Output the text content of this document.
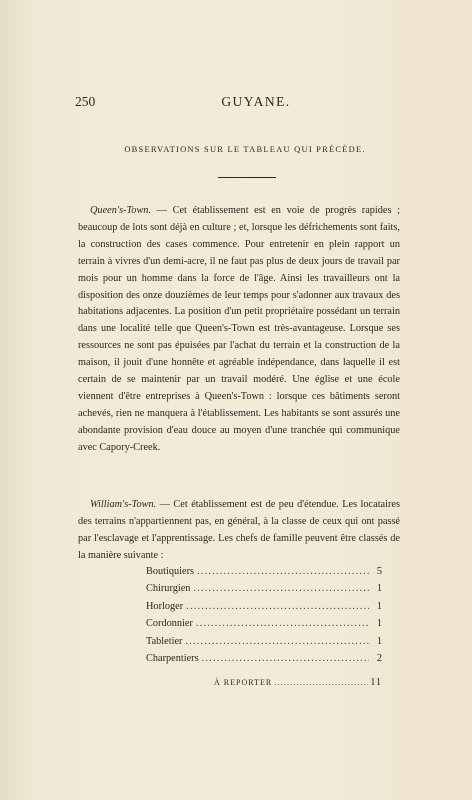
250	GUYANE.
OBSERVATIONS SUR LE TABLEAU QUI PRÉCÈDE.

Queen's-Town. — Cet établissement est en voie de progrès rapides ; beaucoup de lots sont déjà en culture ; et, lorsque les défrichements sont faits, la construction des cases commence. Pour entretenir en plein rapport un terrain à vivres d'un demi-acre, il ne faut pas plus de deux jours de travail par mois pour un homme dans la force de l'âge. Ainsi les travailleurs ont la disposition des onze douzièmes de leur temps pour s'adonner aux travaux des habitations adjacentes. La position d'un petit propriétaire possédant un terrain dans une localité telle que Queen's-Town est très-avantageuse. Lorsque ses ressources ne sont pas épuisées par l'achat du terrain et la construction de la maison, il jouit d'une honnête et agréable indépendance, dans laquelle il est certain de se maintenir par un travail modéré. Une église et une école viennent d'être entreprises à Queen's-Town : lorsque ces bâtiments seront achevés, rien ne manquera à l'établissement. Les habitants se sont assurés une abondante provision d'eau douce au moyen d'une tranchée qui communique avec Capory-Creek.

William's-Town. — Cet établissement est de peu d'étendue. Les locataires des terrains n'appartiennent pas, en général, à la classe de ceux qui ont passé par l'esclavage et l'apprentissage. Les chefs de famille peuvent être classés de la manière suivante :

Boutiquiers .....	5
Chirurgien .....	1
Horloger .....	1
Cordonnier .....	1
Tabletier .....	1
Charpentiers .....	2
À REPORTER .....	11
